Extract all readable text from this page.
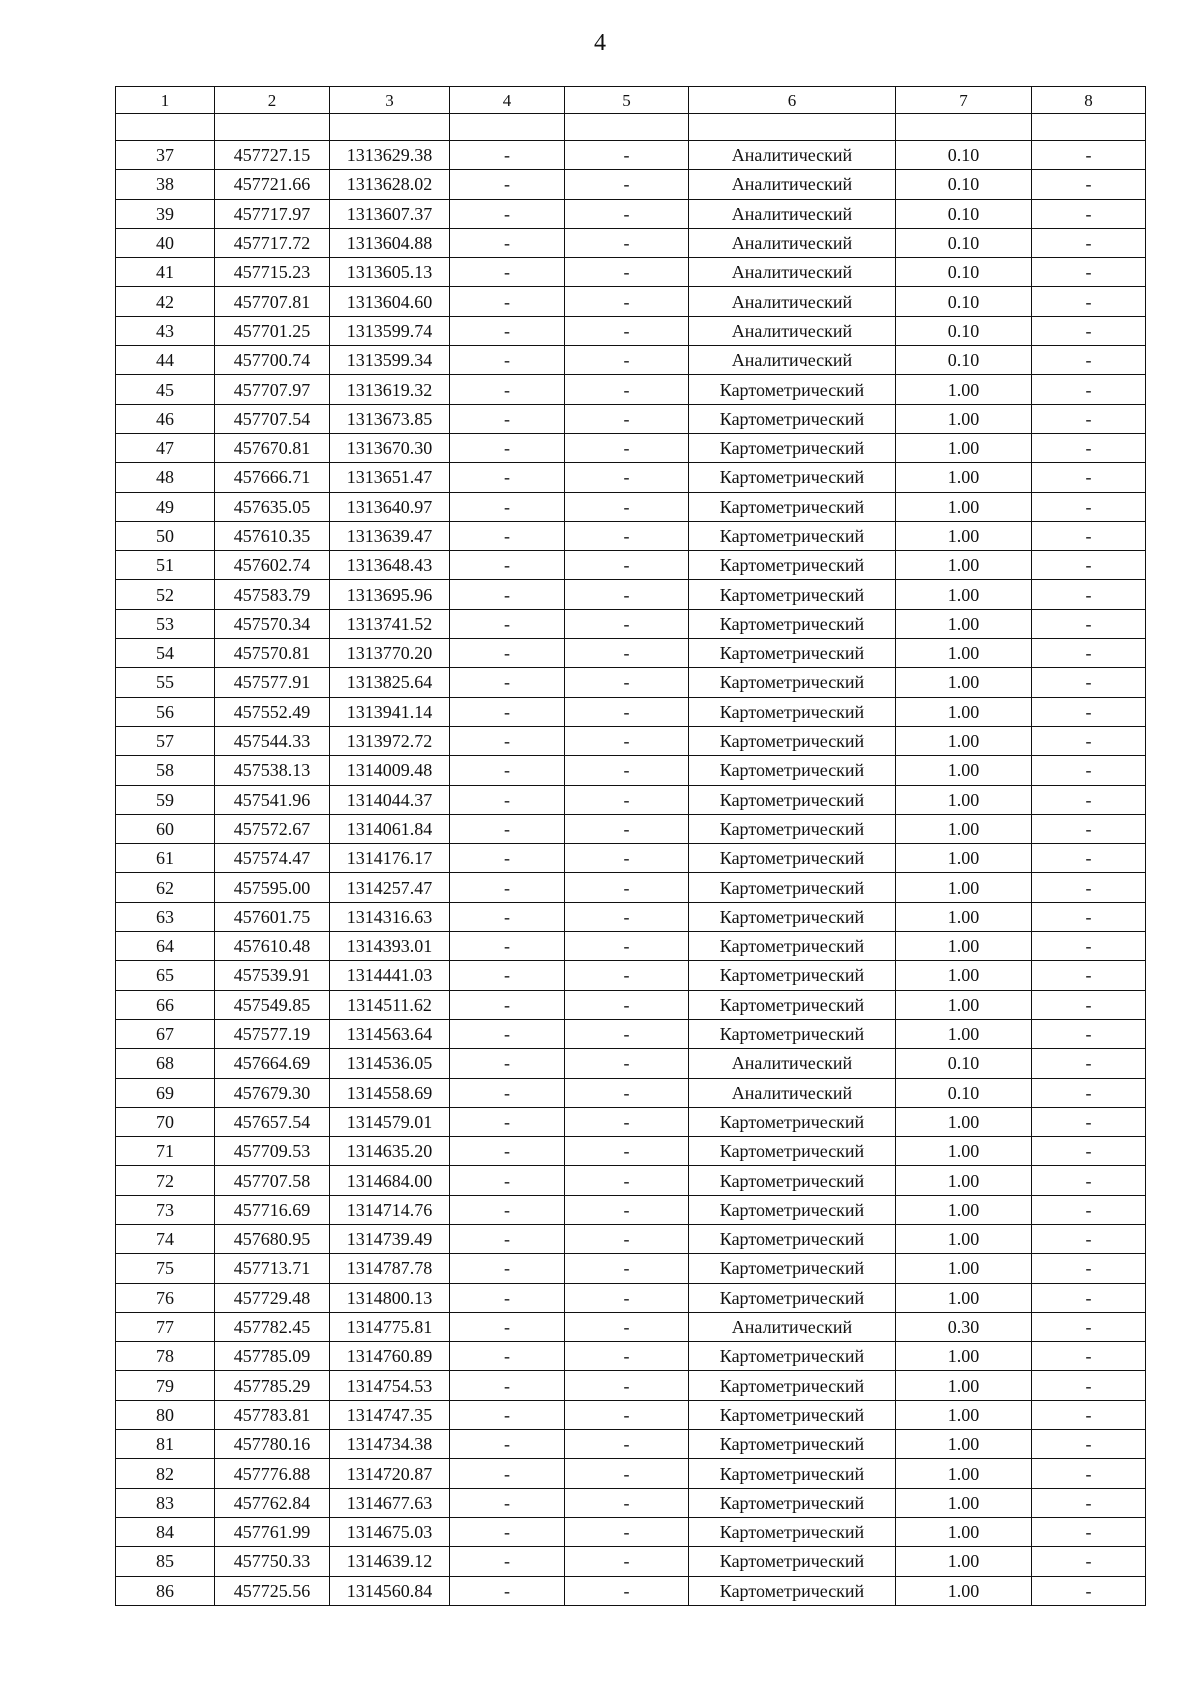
4
1	2	3	4	5	6	7	8

37	457727.15	1313629.38	-	-	Аналитический	0.10	-
38	457721.66	1313628.02	-	-	Аналитический	0.10	-
39	457717.97	1313607.37	-	-	Аналитический	0.10	-
40	457717.72	1313604.88	-	-	Аналитический	0.10	-
41	457715.23	1313605.13	-	-	Аналитический	0.10	-
42	457707.81	1313604.60	-	-	Аналитический	0.10	-
43	457701.25	1313599.74	-	-	Аналитический	0.10	-
44	457700.74	1313599.34	-	-	Аналитический	0.10	-
45	457707.97	1313619.32	-	-	Картометрический	1.00	-
46	457707.54	1313673.85	-	-	Картометрический	1.00	-
47	457670.81	1313670.30	-	-	Картометрический	1.00	-
48	457666.71	1313651.47	-	-	Картометрический	1.00	-
49	457635.05	1313640.97	-	-	Картометрический	1.00	-
50	457610.35	1313639.47	-	-	Картометрический	1.00	-
51	457602.74	1313648.43	-	-	Картометрический	1.00	-
52	457583.79	1313695.96	-	-	Картометрический	1.00	-
53	457570.34	1313741.52	-	-	Картометрический	1.00	-
54	457570.81	1313770.20	-	-	Картометрический	1.00	-
55	457577.91	1313825.64	-	-	Картометрический	1.00	-
56	457552.49	1313941.14	-	-	Картометрический	1.00	-
57	457544.33	1313972.72	-	-	Картометрический	1.00	-
58	457538.13	1314009.48	-	-	Картометрический	1.00	-
59	457541.96	1314044.37	-	-	Картометрический	1.00	-
60	457572.67	1314061.84	-	-	Картометрический	1.00	-
61	457574.47	1314176.17	-	-	Картометрический	1.00	-
62	457595.00	1314257.47	-	-	Картометрический	1.00	-
63	457601.75	1314316.63	-	-	Картометрический	1.00	-
64	457610.48	1314393.01	-	-	Картометрический	1.00	-
65	457539.91	1314441.03	-	-	Картометрический	1.00	-
66	457549.85	1314511.62	-	-	Картометрический	1.00	-
67	457577.19	1314563.64	-	-	Картометрический	1.00	-
68	457664.69	1314536.05	-	-	Аналитический	0.10	-
69	457679.30	1314558.69	-	-	Аналитический	0.10	-
70	457657.54	1314579.01	-	-	Картометрический	1.00	-
71	457709.53	1314635.20	-	-	Картометрический	1.00	-
72	457707.58	1314684.00	-	-	Картометрический	1.00	-
73	457716.69	1314714.76	-	-	Картометрический	1.00	-
74	457680.95	1314739.49	-	-	Картометрический	1.00	-
75	457713.71	1314787.78	-	-	Картометрический	1.00	-
76	457729.48	1314800.13	-	-	Картометрический	1.00	-
77	457782.45	1314775.81	-	-	Аналитический	0.30	-
78	457785.09	1314760.89	-	-	Картометрический	1.00	-
79	457785.29	1314754.53	-	-	Картометрический	1.00	-
80	457783.81	1314747.35	-	-	Картометрический	1.00	-
81	457780.16	1314734.38	-	-	Картометрический	1.00	-
82	457776.88	1314720.87	-	-	Картометрический	1.00	-
83	457762.84	1314677.63	-	-	Картометрический	1.00	-
84	457761.99	1314675.03	-	-	Картометрический	1.00	-
85	457750.33	1314639.12	-	-	Картометрический	1.00	-
86	457725.56	1314560.84	-	-	Картометрический	1.00	-
